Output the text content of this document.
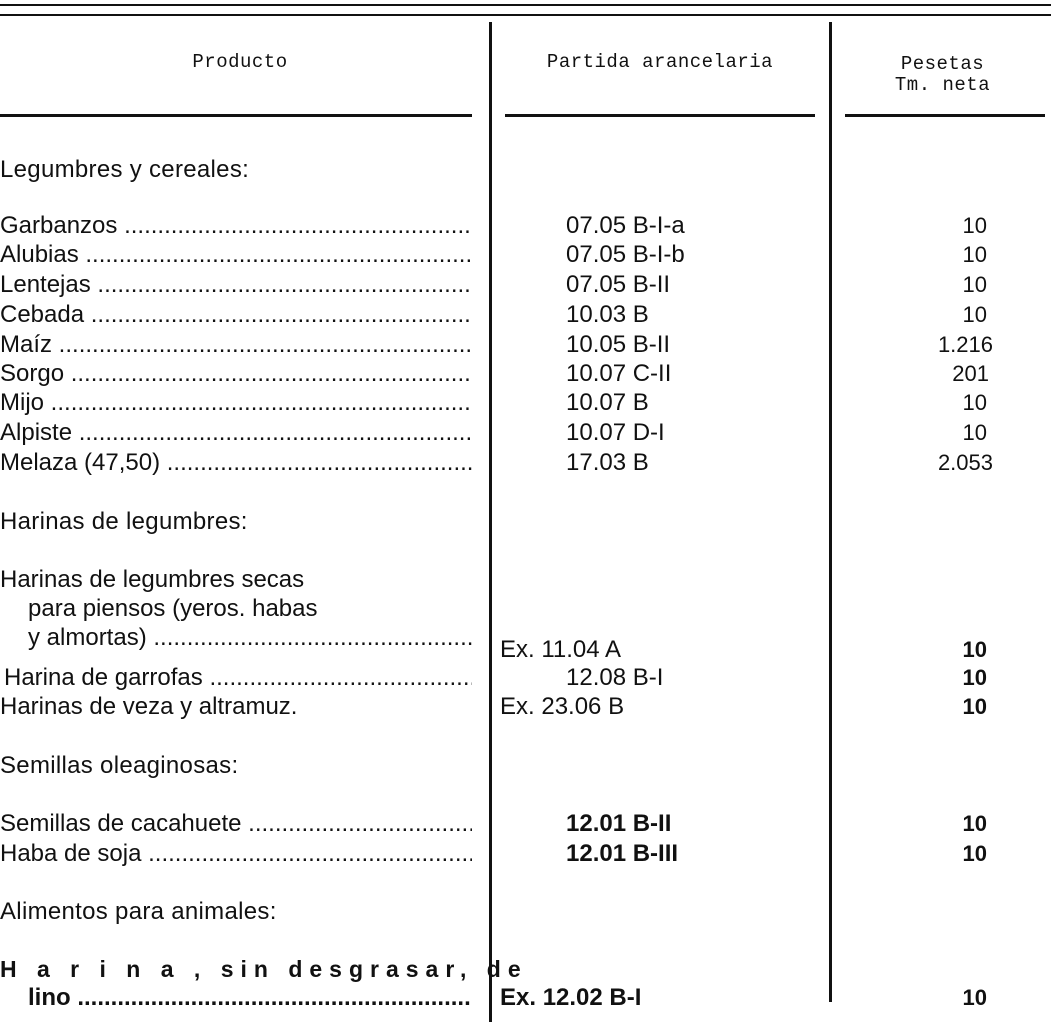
Producto	Partida arancelaria	Pesetas
Tm. neta
Legumbres y cereales:
Garbanzos .....	07.05 B-I-a	10
Alubias .....	07.05 B-I-b	10
Lentejas .....	07.05 B-II	10
Cebada .....	10.03 B	10
Maíz .....	10.05 B-II	1.216
Sorgo .....	10.07 C-II	201
Mijo .....	10.07 B	10
Alpiste .....	10.07 D-I	10
Melaza (47,50) .....	17.03 B	2.053
Harinas de legumbres:
Harinas de legumbres secas
para piensos (yeros. habas
y almortas) .....	Ex. 11.04 A	10
Harina de garrofas .....	12.08 B-I	10
Harinas de veza y altramuz.	Ex. 23.06 B	10
Semillas oleaginosas:
Semillas de cacahuete .....	12.01 B-II	10
Haba de soja .....	12.01 B-III	10
Alimentos para animales:
H a r i n a , sin desgrasar, de
lino .....	Ex. 12.02 B-I	10
